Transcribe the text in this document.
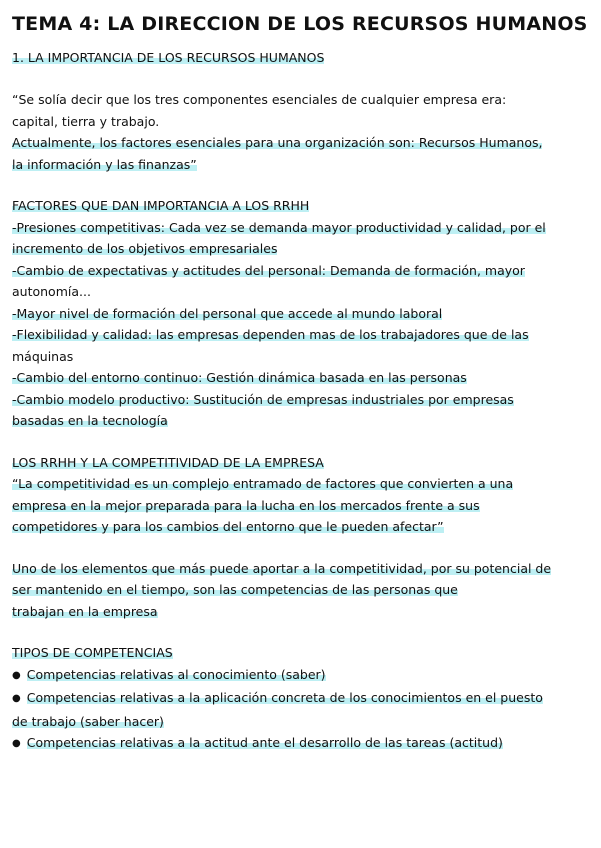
TEMA 4: LA DIRECCION DE LOS RECURSOS HUMANOS
1. LA IMPORTANCIA DE LOS RECURSOS HUMANOS
“Se solía decir que los tres componentes esenciales de cualquier empresa era:
capital, tierra y trabajo.
Actualmente, los factores esenciales para una organización son: Recursos Humanos,
la información y las finanzas”
FACTORES QUE DAN IMPORTANCIA A LOS RRHH
-Presiones competitivas: Cada vez se demanda mayor productividad y calidad, por el
incremento de los objetivos empresariales
-Cambio de expectativas y actitudes del personal: Demanda de formación, mayor
autonomía...
-Mayor nivel de formación del personal que accede al mundo laboral
-Flexibilidad y calidad: las empresas dependen mas de los trabajadores que de las
máquinas
-Cambio del entorno continuo: Gestión dinámica basada en las personas
-Cambio modelo productivo: Sustitución de empresas industriales por empresas
basadas en la tecnología
LOS RRHH Y LA COMPETITIVIDAD DE LA EMPRESA
“La competitividad es un complejo entramado de factores que convierten a una
empresa en la mejor preparada para la lucha en los mercados frente a sus
competidores y para los cambios del entorno que le pueden afectar”
Uno de los elementos que más puede aportar a la competitividad, por su potencial de
ser mantenido en el tiempo, son las competencias de las personas que
trabajan en la empresa
TIPOS DE COMPETENCIAS
● Competencias relativas al conocimiento (saber)
● Competencias relativas a la aplicación concreta de los conocimientos en el puesto
de trabajo (saber hacer)
● Competencias relativas a la actitud ante el desarrollo de las tareas (actitud)
